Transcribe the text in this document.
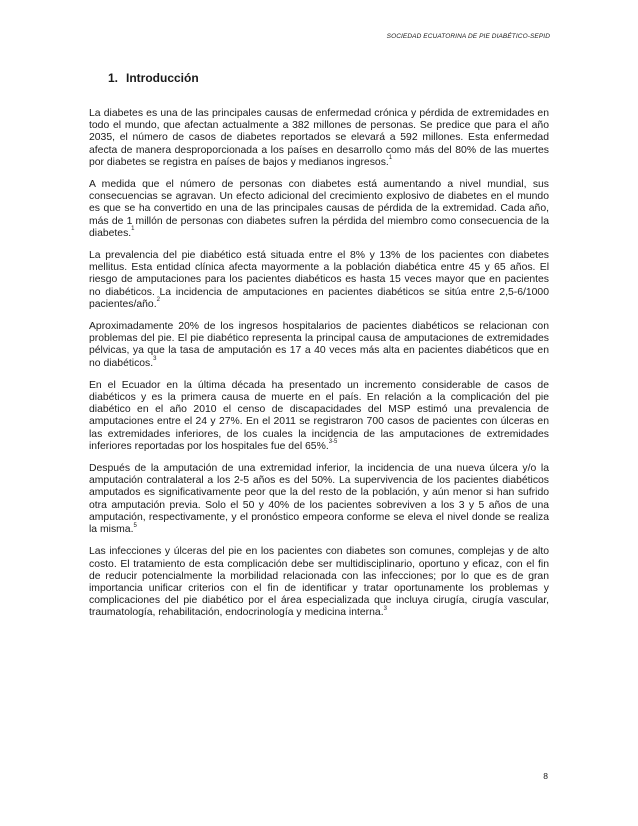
SOCIEDAD ECUATORINA DE PIE DIABÉTICO-SEPID
1. Introducción

La diabetes es una de las principales causas de enfermedad crónica y pérdida de extremidades en todo el mundo, que afectan actualmente a 382 millones de personas. Se predice que para el año 2035, el número de casos de diabetes reportados se elevará a 592 millones. Esta enfermedad afecta de manera desproporcionada a los países en desarrollo como más del 80% de las muertes por diabetes se registra en países de bajos y medianos ingresos.$^1$

A medida que el número de personas con diabetes está aumentando a nivel mundial, sus consecuencias se agravan. Un efecto adicional del crecimiento explosivo de diabetes en el mundo es que se ha convertido en una de las principales causas de pérdida de la extremidad. Cada año, más de 1 millón de personas con diabetes sufren la pérdida del miembro como consecuencia de la diabetes.$^1$

La prevalencia del pie diabético está situada entre el 8% y 13% de los pacientes con diabetes mellitus. Esta entidad clínica afecta mayormente a la población diabética entre 45 y 65 años. El riesgo de amputaciones para los pacientes diabéticos es hasta 15 veces mayor que en pacientes no diabéticos. La incidencia de amputaciones en pacientes diabéticos se sitúa entre 2,5-6/1000 pacientes/año.$^2$

Aproximadamente 20% de los ingresos hospitalarios de pacientes diabéticos se relacionan con problemas del pie. El pie diabético representa la principal causa de amputaciones de extremidades pélvicas, ya que la tasa de amputación es 17 a 40 veces más alta en pacientes diabéticos que en no diabéticos.$^3$

En el Ecuador en la última década ha presentado un incremento considerable de casos de diabéticos y es la primera causa de muerte en el país. En relación a la complicación del pie diabético en el año 2010 el censo de discapacidades del MSP estimó una prevalencia de amputaciones entre el 24 y 27%. En el 2011 se registraron 700 casos de pacientes con úlceras en las extremidades inferiores, de los cuales la incidencia de las amputaciones de extremidades inferiores reportadas por los hospitales fue del 65%.$^{3-5}$

Después de la amputación de una extremidad inferior, la incidencia de una nueva úlcera y/o la amputación contralateral a los 2-5 años es del 50%. La supervivencia de los pacientes diabéticos amputados es significativamente peor que la del resto de la población, y aún menor si han sufrido otra amputación previa. Solo el 50 y 40% de los pacientes sobreviven a los 3 y 5 años de una amputación, respectivamente, y el pronóstico empeora conforme se eleva el nivel donde se realiza la misma.$^5$

Las infecciones y úlceras del pie en los pacientes con diabetes son comunes, complejas y de alto costo. El tratamiento de esta complicación debe ser multidisciplinario, oportuno y eficaz, con el fin de reducir potencialmente la morbilidad relacionada con las infecciones; por lo que es de gran importancia unificar criterios con el fin de identificar y tratar oportunamente los problemas y complicaciones del pie diabético por el área especializada que incluya cirugía, cirugía vascular, traumatología, rehabilitación, endocrinología y medicina interna.$^3$

8
